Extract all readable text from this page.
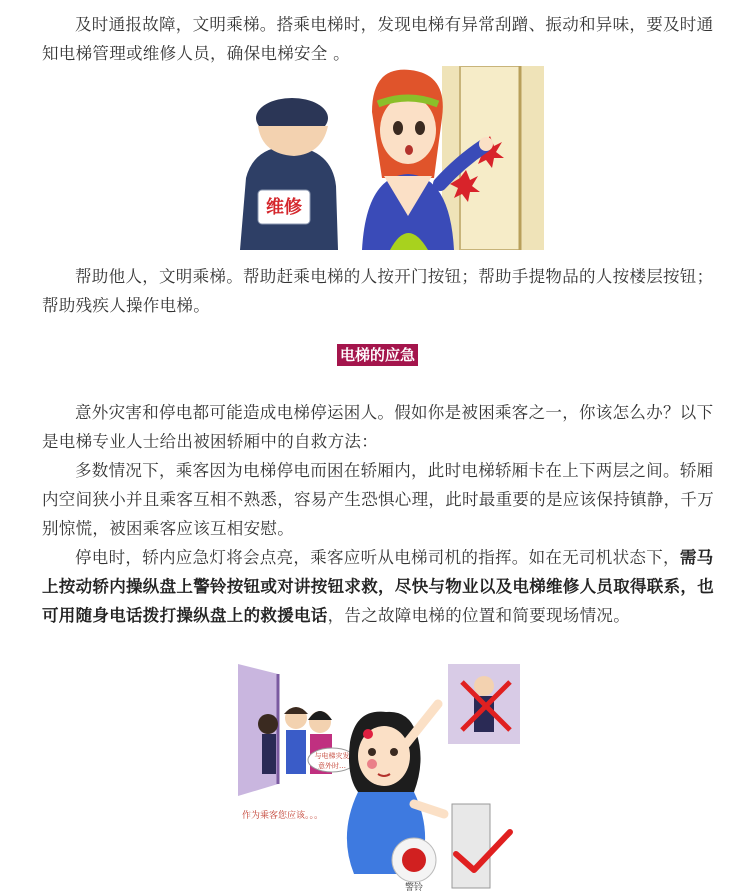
及时通报故障，文明乘梯。搭乘电梯时，发现电梯有异常刮蹭、振动和异味，要及时通知电梯管理或维修人员，确保电梯安全 。

维修

帮助他人，文明乘梯。帮助赶乘电梯的人按开门按钮；帮助手提物品的人按楼层按钮；帮助残疾人操作电梯。

电梯的应急

意外灾害和停电都可能造成电梯停运困人。假如你是被困乘客之一，你该怎么办？以下是电梯专业人士给出被困轿厢中的自救方法：

多数情况下，乘客因为电梯停电而困在轿厢内，此时电梯轿厢卡在上下两层之间。轿厢内空间狭小并且乘客互相不熟悉，容易产生恐惧心理，此时最重要的是应该保持镇静，千万别惊慌，被困乘客应该互相安慰。

停电时，轿内应急灯将会点亮，乘客应听从电梯司机的指挥。如在无司机状态下，需马上按动轿内操纵盘上警铃按钮或对讲按钮求救，尽快与物业以及电梯维修人员取得联系，也可用随身电话拨打操纵盘上的救援电话，告之故障电梯的位置和简要现场情况。

与电梯灾发
意外时…
作为乘客您应该。。。
警铃
